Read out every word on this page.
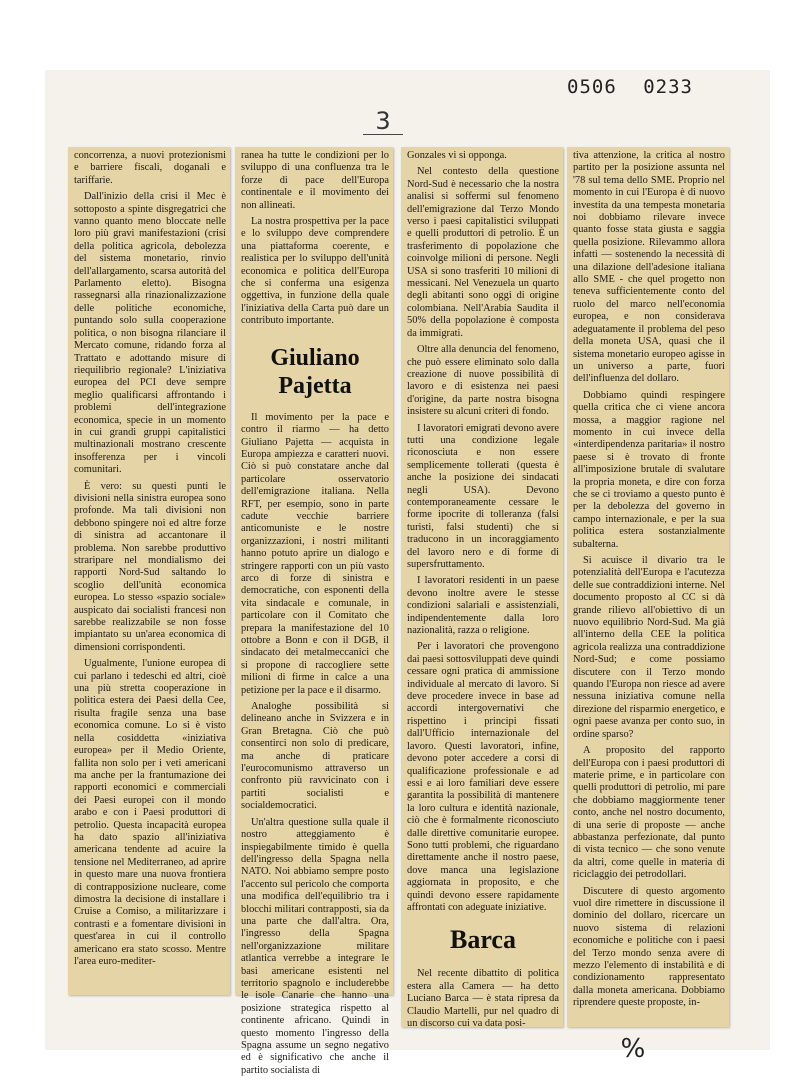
0506 0233
3

concorrenza, a nuovi protezionismi e barriere fiscali, doganali e tariffarie.

Dall'inizio della crisi il Mec è sottoposto a spinte disgregatrici che vanno quanto meno bloccate nelle loro più gravi manifestazioni (crisi della politica agricola, debolezza del sistema monetario, rinvio dell'allargamento, scarsa autorità del Parlamento eletto). Bisogna rassegnarsi alla rinazionalizzazione delle politiche economiche, puntando solo sulla cooperazione politica, o non bisogna rilanciare il Mercato comune, ridando forza al Trattato e adottando misure di riequilibrio regionale? L'iniziativa europea del PCI deve sempre meglio qualificarsi affrontando i problemi dell'integrazione economica, specie in un momento in cui grandi gruppi capitalistici multinazionali mostrano crescente insofferenza per i vincoli comunitari.

È vero: su questi punti le divisioni nella sinistra europea sono profonde. Ma tali divisioni non debbono spingere noi ed altre forze di sinistra ad accantonare il problema. Non sarebbe produttivo straripare nel mondialismo dei rapporti Nord-Sud saltando lo scoglio dell'unità economica europea. Lo stesso «spazio sociale» auspicato dai socialisti francesi non sarebbe realizzabile se non fosse impiantato su un'area economica di dimensioni corrispondenti.

Ugualmente, l'unione europea di cui parlano i tedeschi ed altri, cioè una più stretta cooperazione in politica estera dei Paesi della Cee, risulta fragile senza una base economica comune. Lo si è visto nella cosiddetta «iniziativa europea» per il Medio Oriente, fallita non solo per i veti americani ma anche per la frantumazione dei rapporti economici e commerciali dei Paesi europei con il mondo arabo e con i Paesi produttori di petrolio. Questa incapacità europea ha dato spazio all'iniziativa americana tendente ad acuire la tensione nel Mediterraneo, ad aprire in questo mare una nuova frontiera di contrapposizione nucleare, come dimostra la decisione di installare i Cruise a Comiso, a militarizzare i contrasti e a fomentare divisioni in quest'area in cui il controllo americano era stato scosso. Mentre l'area euro-mediter-

ranea ha tutte le condizioni per lo sviluppo di una confluenza tra le forze di pace dell'Europa continentale e il movimento dei non allineati.

La nostra prospettiva per la pace e lo sviluppo deve comprendere una piattaforma coerente, e realistica per lo sviluppo dell'unità economica e politica dell'Europa che si conferma una esigenza oggettiva, in funzione della quale l'iniziativa della Carta può dare un contributo importante.

Giuliano
Pajetta

Il movimento per la pace e contro il riarmo — ha detto Giuliano Pajetta — acquista in Europa ampiezza e caratteri nuovi. Ciò si può constatare anche dal particolare osservatorio dell'emigrazione italiana. Nella RFT, per esempio, sono in parte cadute vecchie barriere anticomuniste e le nostre organizzazioni, i nostri militanti hanno potuto aprire un dialogo e stringere rapporti con un più vasto arco di forze di sinistra e democratiche, con esponenti della vita sindacale e comunale, in particolare con il Comitato che prepara la manifestazione del 10 ottobre a Bonn e con il DGB, il sindacato dei metalmeccanici che si propone di raccogliere sette milioni di firme in calce a una petizione per la pace e il disarmo.

Analoghe possibilità si delineano anche in Svizzera e in Gran Bretagna. Ciò che può consentirci non solo di predicare, ma anche di praticare l'eurocomunismo attraverso un confronto più ravvicinato con i partiti socialisti e socialdemocratici.

Un'altra questione sulla quale il nostro atteggiamento è inspiegabilmente timido è quella dell'ingresso della Spagna nella NATO. Noi abbiamo sempre posto l'accento sul pericolo che comporta una modifica dell'equilibrio tra i blocchi militari contrapposti, sia da una parte che dall'altra. Ora, l'ingresso della Spagna nell'organizzazione militare atlantica verrebbe a integrare le basi americane esistenti nel territorio spagnolo e includerebbe le isole Canarie che hanno una posizione strategica rispetto al continente africano. Quindi in questo momento l'ingresso della Spagna assume un segno negativo ed è significativo che anche il partito socialista di

Gonzales vi si opponga.

Nel contesto della questione Nord-Sud è necessario che la nostra analisi si soffermi sul fenomeno dell'emigrazione dal Terzo Mondo verso i paesi capitalistici sviluppati e quelli produttori di petrolio. È un trasferimento di popolazione che coinvolge milioni di persone. Negli USA si sono trasferiti 10 milioni di messicani. Nel Venezuela un quarto degli abitanti sono oggi di origine colombiana. Nell'Arabia Saudita il 50% della popolazione è composta da immigrati.

Oltre alla denuncia del fenomeno, che può essere eliminato solo dalla creazione di nuove possibilità di lavoro e di esistenza nei paesi d'origine, da parte nostra bisogna insistere su alcuni criteri di fondo.

I lavoratori emigrati devono avere tutti una condizione legale riconosciuta e non essere semplicemente tollerati (questa è anche la posizione dei sindacati negli USA). Devono contemporaneamente cessare le forme ipocrite di tolleranza (falsi turisti, falsi studenti) che si traducono in un incoraggiamento del lavoro nero e di forme di supersfruttamento.

I lavoratori residenti in un paese devono inoltre avere le stesse condizioni salariali e assistenziali, indipendentemente dalla loro nazionalità, razza o religione.

Per i lavoratori che provengono dai paesi sottosviluppati deve quindi cessare ogni pratica di ammissione individuale al mercato di lavoro. Si deve procedere invece in base ad accordi intergovernativi che rispettino i principi fissati dall'Ufficio internazionale del lavoro. Questi lavoratori, infine, devono poter accedere a corsi di qualificazione professionale e ad essi e ai loro familiari deve essere garantita la possibilità di mantenere la loro cultura e identità nazionale, ciò che è formalmente riconosciuto dalle direttive comunitarie europee. Sono tutti problemi, che riguardano direttamente anche il nostro paese, dove manca una legislazione aggiornata in proposito, e che quindi devono essere rapidamente affrontati con adeguate iniziative.

Barca

Nel recente dibattito di politica estera alla Camera — ha detto Luciano Barca — è stata ripresa da Claudio Martelli, pur nel quadro di un discorso cui va data posi-

tiva attenzione, la critica al nostro partito per la posizione assunta nel '78 sul tema dello SME. Proprio nel momento in cui l'Europa è di nuovo investita da una tempesta monetaria noi dobbiamo rilevare invece quanto fosse stata giusta e saggia quella posizione. Rilevammo allora infatti — sostenendo la necessità di una dilazione dell'adesione italiana allo SME - che quel progetto non teneva sufficientemente conto del ruolo del marco nell'economia europea, e non considerava adeguatamente il problema del peso della moneta USA, quasi che il sistema monetario europeo agisse in un universo a parte, fuori dell'influenza del dollaro.

Dobbiamo quindi respingere quella critica che ci viene ancora mossa, a maggior ragione nel momento in cui invece della «interdipendenza paritaria» il nostro paese si è trovato di fronte all'imposizione brutale di svalutare la propria moneta, e dire con forza che se ci troviamo a questo punto è per la debolezza del governo in campo internazionale, e per la sua politica estera sostanzialmente subalterna.

Si acuisce il divario tra le potenzialità dell'Europa e l'acutezza delle sue contraddizioni interne. Nel documento proposto al CC si dà grande rilievo all'obiettivo di un nuovo equilibrio Nord-Sud. Ma già all'interno della CEE la politica agricola realizza una contraddizione Nord-Sud; e come possiamo discutere con il Terzo mondo quando l'Europa non riesce ad avere nessuna iniziativa comune nella direzione del risparmio energetico, e ogni paese avanza per conto suo, in ordine sparso?

A proposito del rapporto dell'Europa con i paesi produttori di materie prime, e in particolare con quelli produttori di petrolio, mi pare che dobbiamo maggiormente tener conto, anche nel nostro documento, di una serie di proposte — anche abbastanza perfezionate, dal punto di vista tecnico — che sono venute da altri, come quelle in materia di riciclaggio dei petrodollari.

Discutere di questo argomento vuol dire rimettere in discussione il dominio del dollaro, ricercare un nuovo sistema di relazioni economiche e politiche con i paesi del Terzo mondo senza avere di mezzo l'elemento di instabilità e di condizionamento rappresentato dalla moneta americana. Dobbiamo riprendere queste proposte, in-

%
